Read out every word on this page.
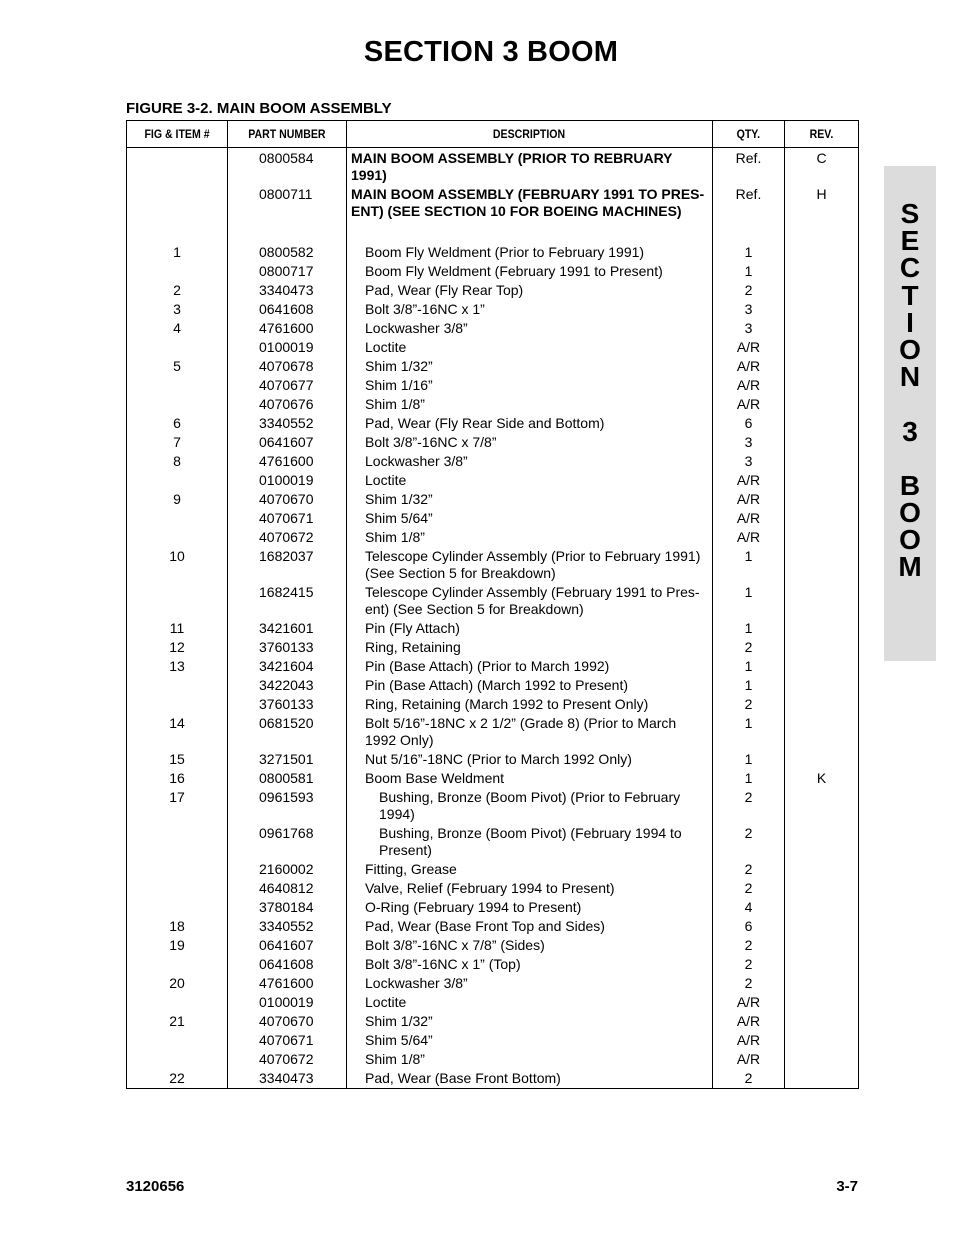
SECTION 3 BOOM
FIGURE 3-2. MAIN BOOM ASSEMBLY
FIG & ITEM #	PART NUMBER	DESCRIPTION	QTY.	REV.
	0800584	MAIN BOOM ASSEMBLY (PRIOR TO REBRUARY 1991)	Ref.	C
	0800711	MAIN BOOM ASSEMBLY (FEBRUARY 1991 TO PRES-ENT) (SEE SECTION 10 FOR BOEING MACHINES)	Ref.	H
1	0800582	Boom Fly Weldment (Prior to February 1991)	1	
	0800717	Boom Fly Weldment (February 1991 to Present)	1	
2	3340473	Pad, Wear (Fly Rear Top)	2	
3	0641608	Bolt 3/8”-16NC x 1”	3	
4	4761600	Lockwasher 3/8”	3	
	0100019	Loctite	A/R	
5	4070678	Shim 1/32”	A/R	
	4070677	Shim 1/16”	A/R	
	4070676	Shim 1/8”	A/R	
6	3340552	Pad, Wear (Fly Rear Side and Bottom)	6	
7	0641607	Bolt 3/8”-16NC x 7/8”	3	
8	4761600	Lockwasher 3/8”	3	
	0100019	Loctite	A/R	
9	4070670	Shim 1/32”	A/R	
	4070671	Shim 5/64”	A/R	
	4070672	Shim 1/8”	A/R	
10	1682037	Telescope Cylinder Assembly (Prior to February 1991) (See Section 5 for Breakdown)	1	
	1682415	Telescope Cylinder Assembly (February 1991 to Pres-ent) (See Section 5 for Breakdown)	1	
11	3421601	Pin (Fly Attach)	1	
12	3760133	Ring, Retaining	2	
13	3421604	Pin (Base Attach) (Prior to March 1992)	1	
	3422043	Pin (Base Attach) (March 1992 to Present)	1	
	3760133	Ring, Retaining (March 1992 to Present Only)	2	
14	0681520	Bolt 5/16”-18NC x 2 1/2” (Grade 8) (Prior to March 1992 Only)	1	
15	3271501	Nut 5/16”-18NC (Prior to March 1992 Only)	1	
16	0800581	Boom Base Weldment	1	K
17	0961593	Bushing, Bronze (Boom Pivot) (Prior to February 1994)	2	
	0961768	Bushing, Bronze (Boom Pivot) (February 1994 to Present)	2	
	2160002	Fitting, Grease	2	
	4640812	Valve, Relief (February 1994 to Present)	2	
	3780184	O-Ring (February 1994 to Present)	4	
18	3340552	Pad, Wear (Base Front Top and Sides)	6	
19	0641607	Bolt 3/8”-16NC x 7/8” (Sides)	2	
	0641608	Bolt 3/8”-16NC x 1” (Top)	2	
20	4761600	Lockwasher 3/8”	2	
	0100019	Loctite	A/R	
21	4070670	Shim 1/32”	A/R	
	4070671	Shim 5/64”	A/R	
	4070672	Shim 1/8”	A/R	
22	3340473	Pad, Wear (Base Front Bottom)	2	
S
E
C
T
I
O
N
3
B
O
O
M
3120656	3-7
